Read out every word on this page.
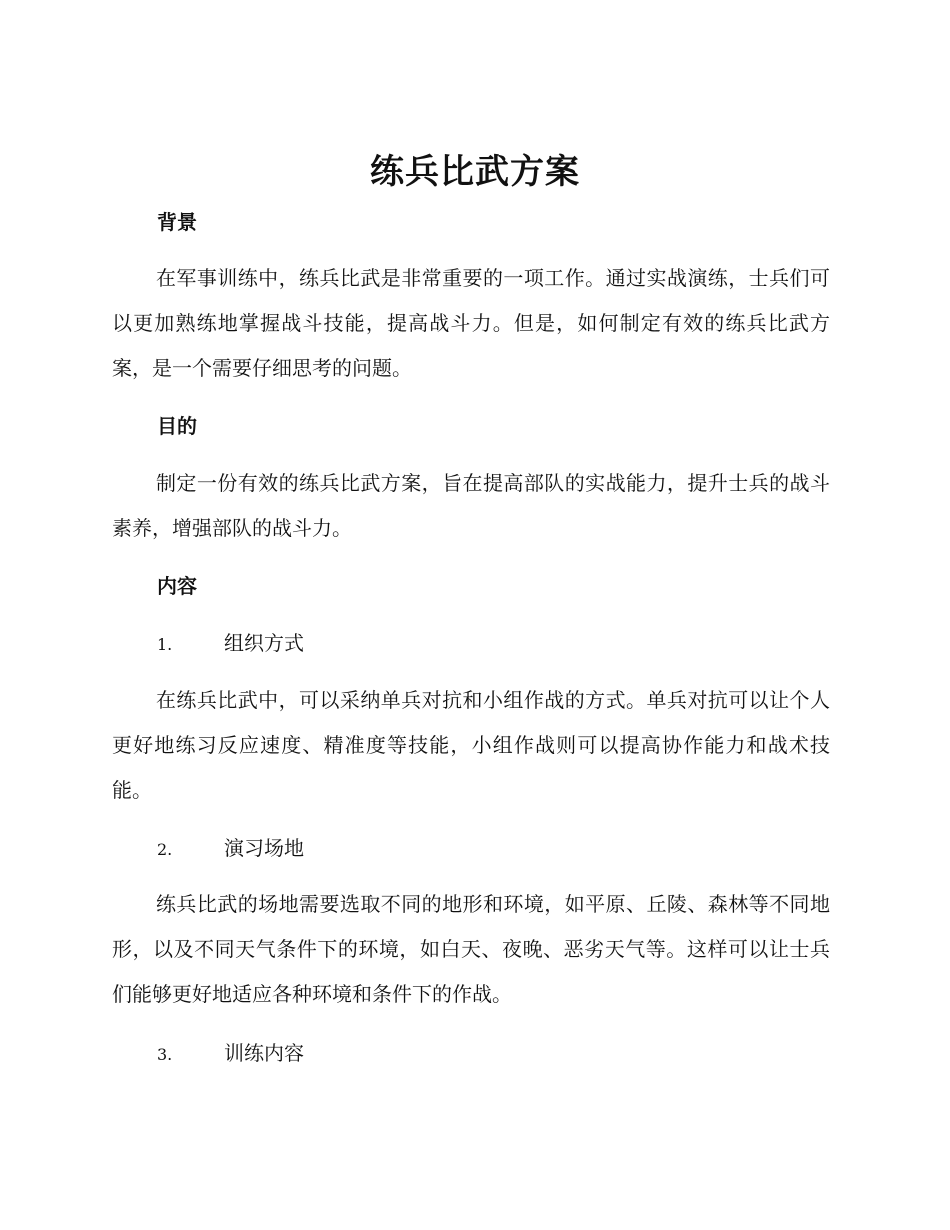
练兵比武方案
背景
在军事训练中，练兵比武是非常重要的一项工作。通过实战演练，士兵们可以更加熟练地掌握战斗技能，提高战斗力。但是，如何制定有效的练兵比武方案，是一个需要仔细思考的问题。
目的
制定一份有效的练兵比武方案，旨在提高部队的实战能力，提升士兵的战斗素养，增强部队的战斗力。
内容
1.	组织方式
在练兵比武中，可以采纳单兵对抗和小组作战的方式。单兵对抗可以让个人更好地练习反应速度、精准度等技能，小组作战则可以提高协作能力和战术技能。
2.	演习场地
练兵比武的场地需要选取不同的地形和环境，如平原、丘陵、森林等不同地形，以及不同天气条件下的环境，如白天、夜晚、恶劣天气等。这样可以让士兵们能够更好地适应各种环境和条件下的作战。
3.	训练内容
